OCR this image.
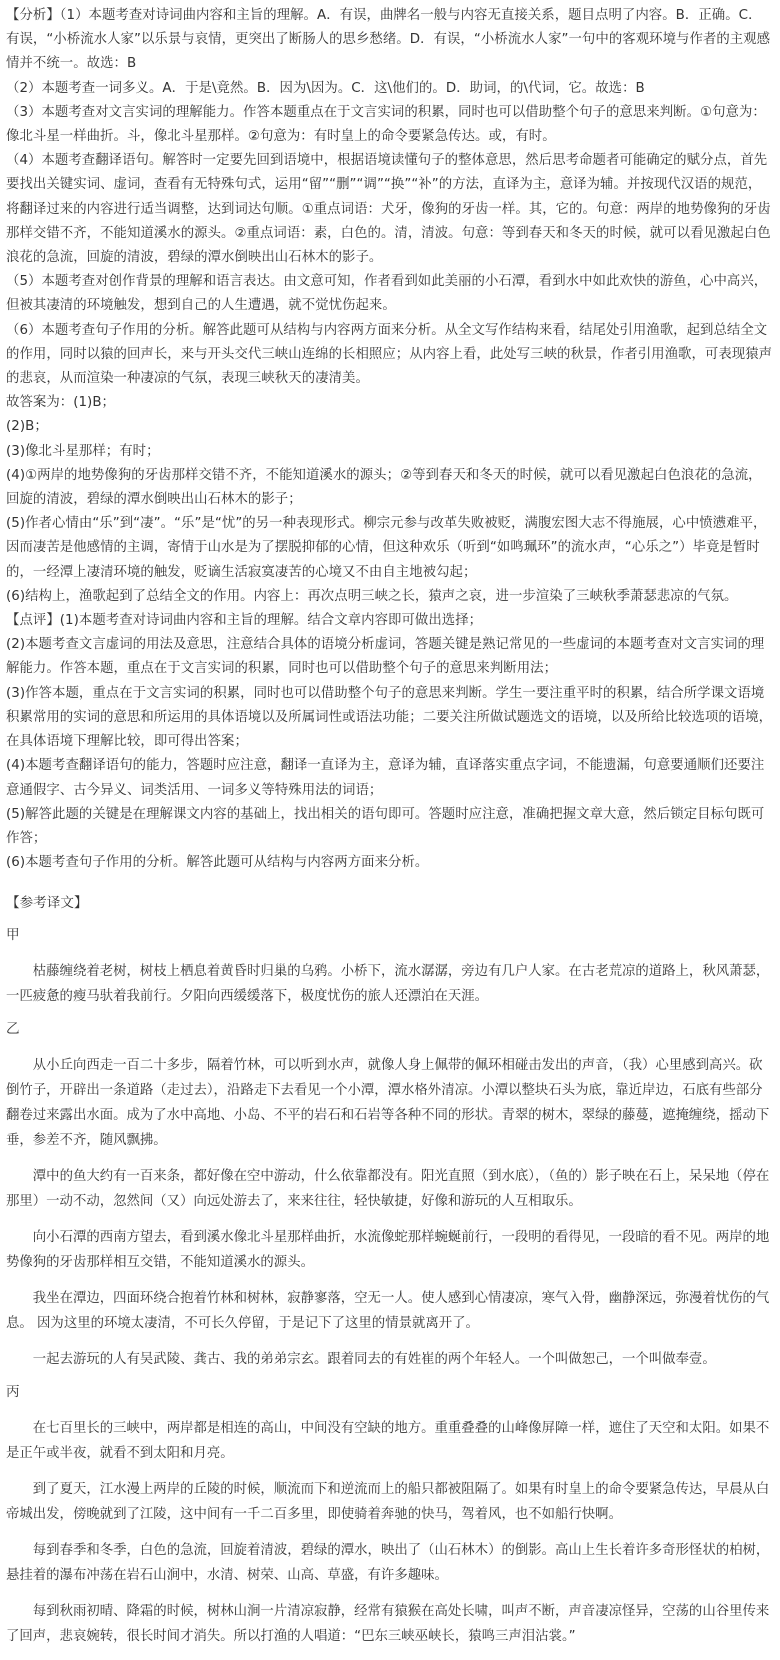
【分析】（1）本题考查对诗词曲内容和主旨的理解。A．有误，曲牌名一般与内容无直接关系，题目点明了内容。B．正确。C．有误，“小桥流水人家”以乐景与哀情，更突出了断肠人的思乡愁绪。D．有误，“小桥流水人家”一句中的客观环境与作者的主观感情并不统一。故选：B

（2）本题考查一词多义。A．于是\竟然。B．因为\因为。C．这\他们的。D．助词，的\代词，它。故选：B

（3）本题考查对文言实词的理解能力。作答本题重点在于文言实词的积累，同时也可以借助整个句子的意思来判断。①句意为：像北斗星一样曲折。斗，像北斗星那样。②句意为：有时皇上的命令要紧急传达。或，有时。

（4）本题考查翻译语句。解答时一定要先回到语境中，根据语境读懂句子的整体意思，然后思考命题者可能确定的赋分点，首先要找出关键实词、虚词，查看有无特殊句式，运用“留”“删”“调”“换”“补”的方法，直译为主，意译为辅。并按现代汉语的规范，将翻译过来的内容进行适当调整，达到词达句顺。①重点词语：犬牙，像狗的牙齿一样。其，它的。句意：两岸的地势像狗的牙齿那样交错不齐，不能知道溪水的源头。②重点词语：素，白色的。清，清波。句意：等到春天和冬天的时候，就可以看见激起白色浪花的急流，回旋的清波，碧绿的潭水倒映出山石林木的影子。

（5）本题考查对创作背景的理解和语言表达。由文意可知，作者看到如此美丽的小石潭，看到水中如此欢快的游鱼，心中高兴，但被其凄清的环境触发，想到自己的人生遭遇，就不觉忧伤起来。

（6）本题考查句子作用的分析。解答此题可从结构与内容两方面来分析。从全文写作结构来看，结尾处引用渔歌，起到总结全文的作用，同时以猿的回声长，来与开头交代三峡山连绵的长相照应；从内容上看，此处写三峡的秋景，作者引用渔歌，可表现猿声的悲哀，从而渲染一种凄凉的气氛，表现三峡秋天的凄清美。

故答案为：(1)B；

(2)B；

(3)像北斗星那样；有时；

(4)①两岸的地势像狗的牙齿那样交错不齐，不能知道溪水的源头；②等到春天和冬天的时候，就可以看见激起白色浪花的急流，回旋的清波，碧绿的潭水倒映出山石林木的影子；

(5)作者心情由“乐”到“凄”。“乐”是“忧”的另一种表现形式。柳宗元参与改革失败被贬，满腹宏图大志不得施展，心中愤懑难平，因而凄苦是他感情的主调，寄情于山水是为了摆脱抑郁的心情，但这种欢乐（听到“如鸣珮环”的流水声，“心乐之”）毕竟是暂时的，一经潭上凄清环境的触发，贬谪生活寂寞凄苦的心境又不由自主地被勾起；

(6)结构上，渔歌起到了总结全文的作用。内容上：再次点明三峡之长，猿声之哀，进一步渲染了三峡秋季萧瑟悲凉的气氛。

【点评】(1)本题考查对诗词曲内容和主旨的理解。结合文章内容即可做出选择；

(2)本题考查文言虚词的用法及意思，注意结合具体的语境分析虚词，答题关键是熟记常见的一些虚词的本题考查对文言实词的理解能力。作答本题，重点在于文言实词的积累，同时也可以借助整个句子的意思来判断用法；

(3)作答本题，重点在于文言实词的积累，同时也可以借助整个句子的意思来判断。学生一要注重平时的积累，结合所学课文语境积累常用的实词的意思和所运用的具体语境以及所属词性或语法功能；二要关注所做试题选文的语境，以及所给比较选项的语境，在具体语境下理解比较，即可得出答案；

(4)本题考查翻译语句的能力，答题时应注意，翻译一直译为主，意译为辅，直译落实重点字词，不能遗漏，句意要通顺们还要注意通假字、古今异义、词类活用、一词多义等特殊用法的词语；

(5)解答此题的关键是在理解课文内容的基础上，找出相关的语句即可。答题时应注意，准确把握文章大意，然后锁定目标句既可作答；

(6)本题考查句子作用的分析。解答此题可从结构与内容两方面来分析。

【参考译文】
甲

枯藤缠绕着老树，树枝上栖息着黄昏时归巢的乌鸦。小桥下，流水潺潺，旁边有几户人家。在古老荒凉的道路上，秋风萧瑟，一匹疲惫的瘦马驮着我前行。夕阳向西缓缓落下，极度忧伤的旅人还漂泊在天涯。

乙

从小丘向西走一百二十多步，隔着竹林，可以听到水声，就像人身上佩带的佩环相碰击发出的声音，（我）心里感到高兴。砍倒竹子，开辟出一条道路（走过去），沿路走下去看见一个小潭，潭水格外清凉。小潭以整块石头为底，靠近岸边，石底有些部分翻卷过来露出水面。成为了水中高地、小岛、不平的岩石和石岩等各种不同的形状。青翠的树木，翠绿的藤蔓，遮掩缠绕，摇动下垂，参差不齐，随风飘拂。

潭中的鱼大约有一百来条，都好像在空中游动，什么依靠都没有。阳光直照（到水底），（鱼的）影子映在石上，呆呆地（停在那里）一动不动，忽然间（又）向远处游去了，来来往往，轻快敏捷，好像和游玩的人互相取乐。

向小石潭的西南方望去，看到溪水像北斗星那样曲折，水流像蛇那样蜿蜒前行，一段明的看得见，一段暗的看不见。两岸的地势像狗的牙齿那样相互交错，不能知道溪水的源头。

我坐在潭边，四面环绕合抱着竹林和树林，寂静寥落，空无一人。使人感到心情凄凉，寒气入骨，幽静深远，弥漫着忧伤的气息。 因为这里的环境太凄清，不可长久停留，于是记下了这里的情景就离开了。

一起去游玩的人有吴武陵、龚古、我的弟弟宗玄。跟着同去的有姓崔的两个年轻人。一个叫做恕己，一个叫做奉壹。

丙

在七百里长的三峡中，两岸都是相连的高山，中间没有空缺的地方。重重叠叠的山峰像屏障一样，遮住了天空和太阳。如果不是正午或半夜，就看不到太阳和月亮。

到了夏天，江水漫上两岸的丘陵的时候，顺流而下和逆流而上的船只都被阻隔了。如果有时皇上的命令要紧急传达，早晨从白帝城出发，傍晚就到了江陵，这中间有一千二百多里，即使骑着奔驰的快马，驾着风，也不如船行快啊。

每到春季和冬季，白色的急流，回旋着清波，碧绿的潭水，映出了（山石林木）的倒影。高山上生长着许多奇形怪状的柏树，悬挂着的瀑布冲荡在岩石山涧中，水清、树荣、山高、草盛，有许多趣味。

每到秋雨初晴、降霜的时候，树林山涧一片清凉寂静，经常有猿猴在高处长啸，叫声不断，声音凄凉怪异，空荡的山谷里传来了回声，悲哀婉转，很长时间才消失。所以打渔的人唱道：“巴东三峡巫峡长，猿鸣三声泪沾裳。”
